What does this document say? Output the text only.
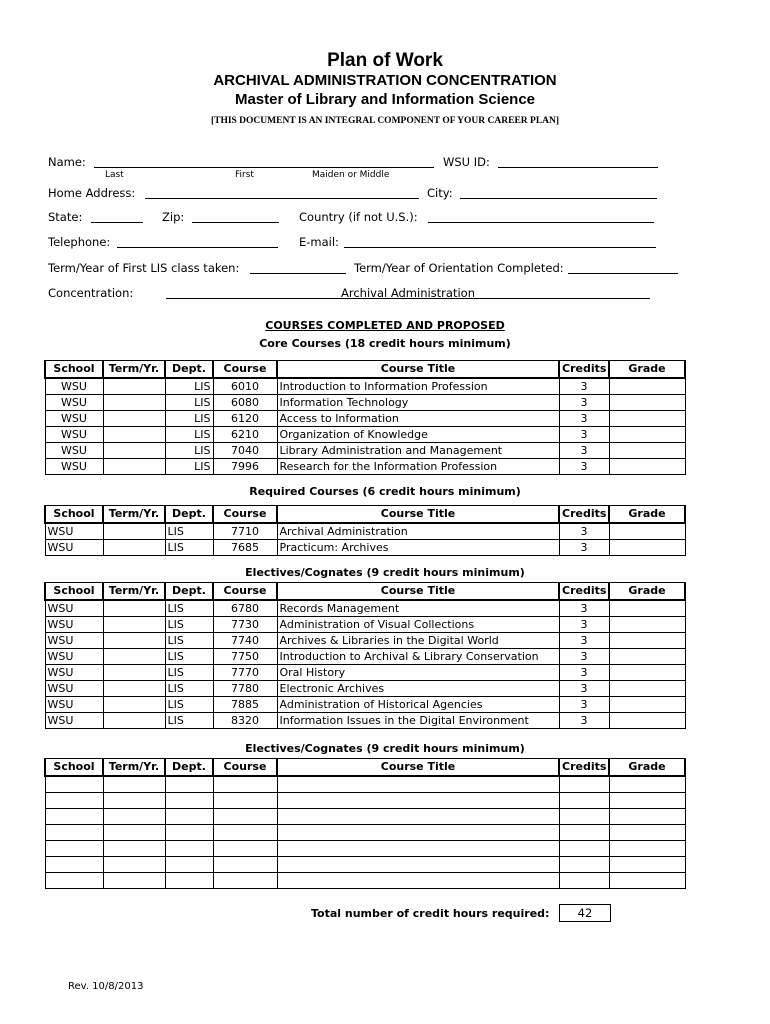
Plan of Work
ARCHIVAL ADMINISTRATION CONCENTRATION
Master of Library and Information Science
[THIS DOCUMENT IS AN INTEGRAL COMPONENT OF YOUR CAREER PLAN]
Name:	WSU ID:
Last	First	Maiden or Middle
Home Address:	City:
State:	Zip:	Country (if not U.S.):
Telephone:	E-mail:
Term/Year of First LIS class taken:	Term/Year of Orientation Completed:
Concentration:	Archival Administration
COURSES COMPLETED AND PROPOSED
Core Courses (18 credit hours minimum)
School	Term/Yr.	Dept.	Course	Course Title	Credits	Grade
WSU		LIS	6010	Introduction to Information Profession	3	
WSU		LIS	6080	Information Technology	3	
WSU		LIS	6120	Access to Information	3	
WSU		LIS	6210	Organization of Knowledge	3	
WSU		LIS	7040	Library Administration and Management	3	
WSU		LIS	7996	Research for the Information Profession	3	
Required Courses (6 credit hours minimum)
School	Term/Yr.	Dept.	Course	Course Title	Credits	Grade
WSU		LIS	7710	Archival Administration	3	
WSU		LIS	7685	Practicum: Archives	3	
Electives/Cognates (9 credit hours minimum)
School	Term/Yr.	Dept.	Course	Course Title	Credits	Grade
WSU		LIS	6780	Records Management	3	
WSU		LIS	7730	Administration of Visual Collections	3	
WSU		LIS	7740	Archives & Libraries in the Digital World	3	
WSU		LIS	7750	Introduction to Archival & Library Conservation	3	
WSU		LIS	7770	Oral History	3	
WSU		LIS	7780	Electronic Archives	3	
WSU		LIS	7885	Administration of Historical Agencies	3	
WSU		LIS	8320	Information Issues in the Digital Environment	3	
Electives/Cognates (9 credit hours minimum)
School	Term/Yr.	Dept.	Course	Course Title	Credits	Grade

Total number of credit hours required:	42
Rev. 10/8/2013
